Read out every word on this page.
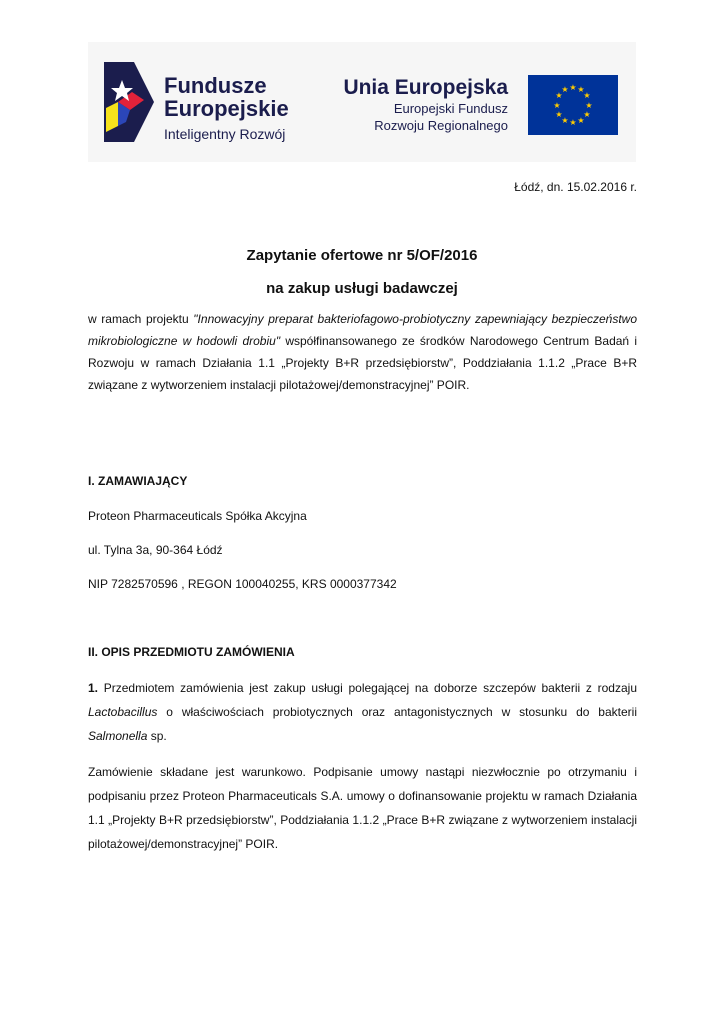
Fundusze
Europejskie
Inteligentny Rozwój
Unia Europejska
Europejski Fundusz
Rozwoju Regionalnego
★ ★
★
★
★
★
★
★
★
★
★
★
Łódź, dn. 15.02.2016 r.
Zapytanie ofertowe nr 5/OF/2016
na zakup usługi badawczej
w ramach projektu "Innowacyjny preparat bakteriofagowo-probiotyczny zapewniający bezpieczeństwo mikrobiologiczne w hodowli drobiu" współfinansowanego ze środków Narodowego Centrum Badań i Rozwoju w ramach Działania 1.1 „Projekty B+R przedsiębiorstw”, Poddziałania 1.1.2 „Prace B+R związane z wytworzeniem instalacji pilotażowej/demonstracyjnej” POIR.
I. ZAMAWIAJĄCY
Proteon Pharmaceuticals Spółka Akcyjna
ul. Tylna 3a, 90-364 Łódź
NIP 7282570596 , REGON 100040255, KRS 0000377342
II. OPIS PRZEDMIOTU ZAMÓWIENIA
1. Przedmiotem zamówienia jest zakup usługi polegającej na doborze szczepów bakterii z rodzaju Lactobacillus o właściwościach probiotycznych oraz antagonistycznych w stosunku do bakterii Salmonella sp.
Zamówienie składane jest warunkowo. Podpisanie umowy nastąpi niezwłocznie po otrzymaniu i podpisaniu przez Proteon Pharmaceuticals S.A. umowy o dofinansowanie projektu w ramach Działania 1.1 „Projekty B+R przedsiębiorstw”, Poddziałania 1.1.2 „Prace B+R związane z wytworzeniem instalacji pilotażowej/demonstracyjnej” POIR.
